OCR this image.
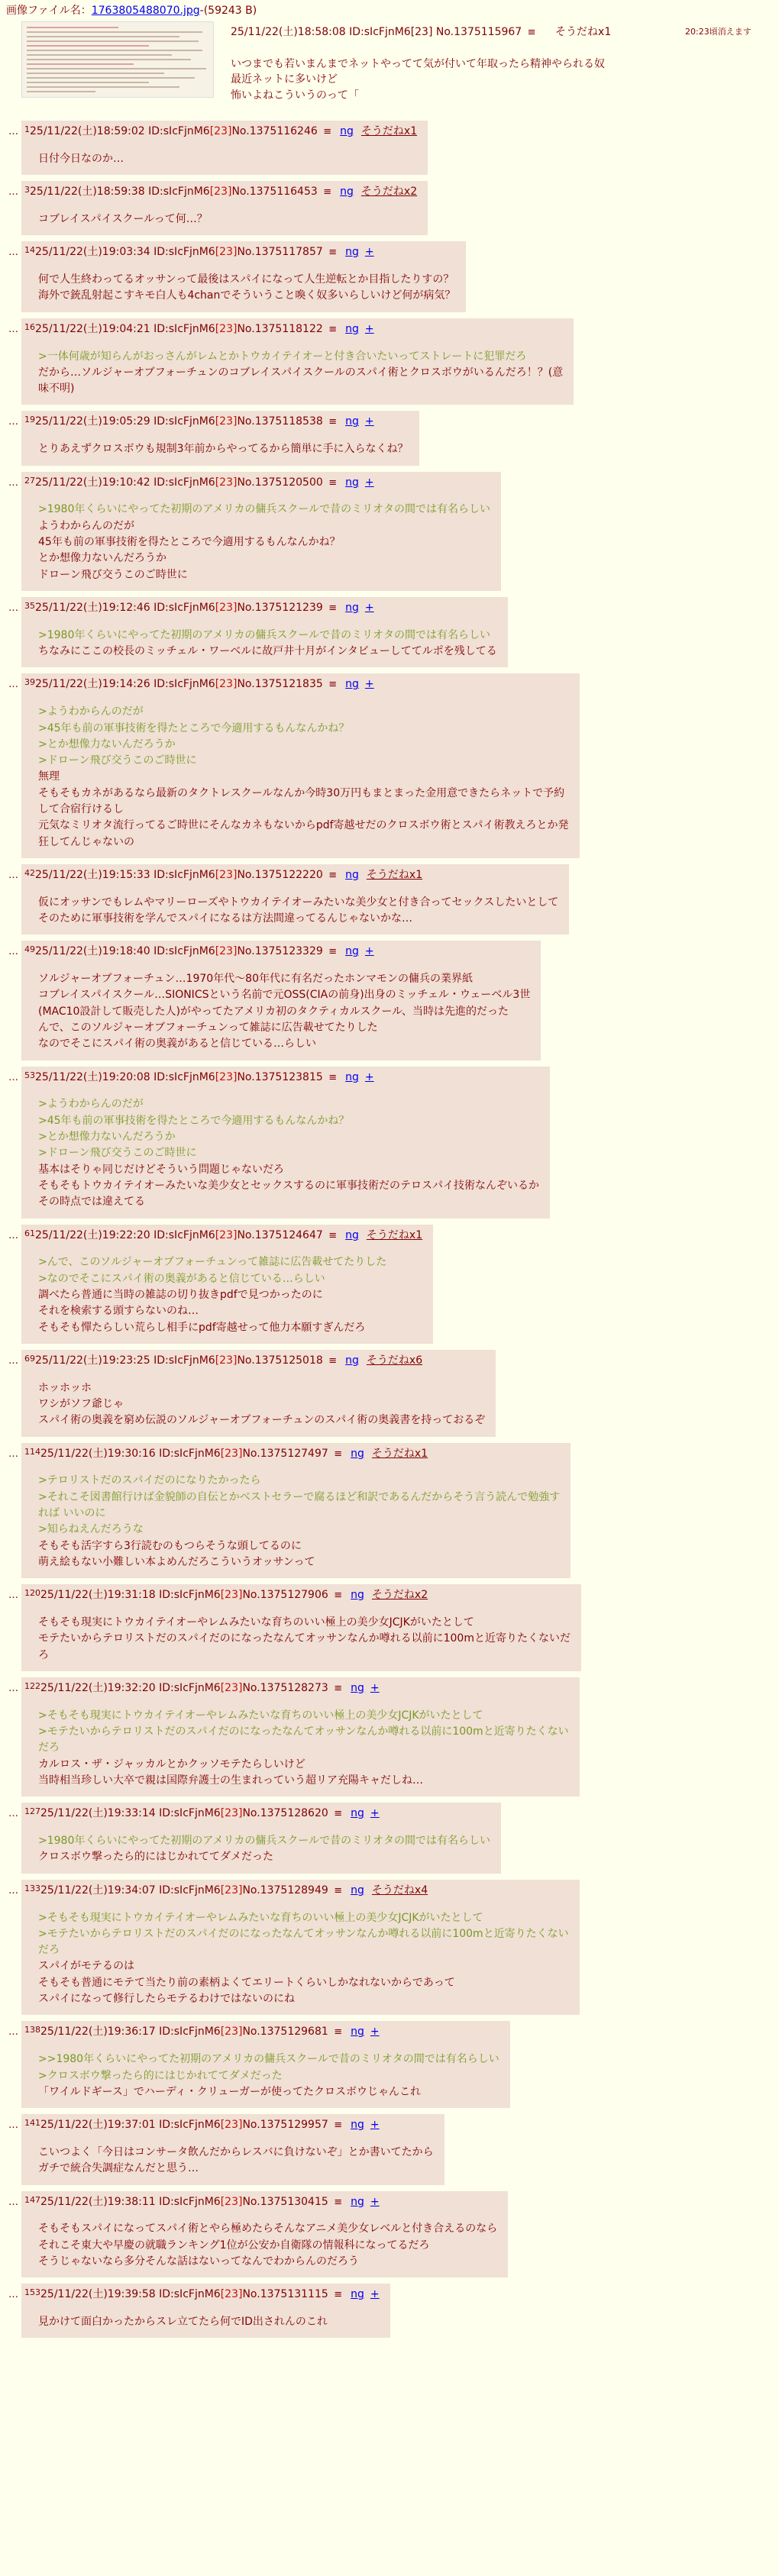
画像ファイル名：1763805488070.jpg-(59243 B)
25/11/22(土)18:58:08 ID:sIcFjnM6[23] No.1375115967 ≡ そうだねx1	20:23頃消えます
いつまでも若いまんまでネットやってて気が付いて年取ったら精神やられる奴
最近ネットに多いけど
怖いよねこういうのって「
… $^1$25/11/22(土)18:59:02 ID:sIcFjnM6[23]No.1375116246 ≡ ng そうだねx1
日付今日なのか…
… $^3$25/11/22(土)18:59:38 ID:sIcFjnM6[23]No.1375116453 ≡ ng そうだねx2
コブレイスパイスクールって何…？
… $^{14}$25/11/22(土)19:03:34 ID:sIcFjnM6[23]No.1375117857 ≡ ng +
何で人生終わってるオッサンって最後はスパイになって人生逆転とか目指したりすの？
海外で銃乱射起こすキモ白人も4chanでそういうこと喚く奴多いらしいけど何が病気？
… $^{16}$25/11/22(土)19:04:21 ID:sIcFjnM6[23]No.1375118122 ≡ ng +
>一体何歳が知らんがおっさんがレムとかトウカイテイオーと付き合いたいってストレートに犯罪だろ
だから…ソルジャーオブフォーチュンのコブレイスパイスクールのスパイ術とクロスボウがいるんだろ！？(意
味不明)
… $^{19}$25/11/22(土)19:05:29 ID:sIcFjnM6[23]No.1375118538 ≡ ng +
とりあえずクロスボウも規制3年前からやってるから簡単に手に入らなくね？
… $^{27}$25/11/22(土)19:10:42 ID:sIcFjnM6[23]No.1375120500 ≡ ng +
>1980年くらいにやってた初期のアメリカの傭兵スクールで昔のミリオタの間では有名らしい
ようわからんのだが
45年も前の軍事技術を得たところで今適用するもんなんかね？
とか想像力ないんだろうか
ドローン飛び交うこのご時世に
… $^{35}$25/11/22(土)19:12:46 ID:sIcFjnM6[23]No.1375121239 ≡ ng +
>1980年くらいにやってた初期のアメリカの傭兵スクールで昔のミリオタの間では有名らしい
ちなみにここの校長のミッチェル・ワーベルに故戸井十月がインタビューしててルポを残してる
… $^{39}$25/11/22(土)19:14:26 ID:sIcFjnM6[23]No.1375121835 ≡ ng +
>ようわからんのだが
>45年も前の軍事技術を得たところで今適用するもんなんかね？
>とか想像力ないんだろうか
>ドローン飛び交うこのご時世に
無理
そもそもカネがあるなら最新のタクトレスクールなんか今時30万円もまとまった金用意できたらネットで予約
して合宿行けるし
元気なミリオタ流行ってるご時世にそんなカネもないからpdf寄越せだのクロスボウ術とスパイ術教えろとか発
狂してんじゃないの
… $^{42}$25/11/22(土)19:15:33 ID:sIcFjnM6[23]No.1375122220 ≡ ng そうだねx1
仮にオッサンでもレムやマリーローズやトウカイテイオーみたいな美少女と付き合ってセックスしたいとして
そのために軍事技術を学んでスパイになるは方法間違ってるんじゃないかな…
… $^{49}$25/11/22(土)19:18:40 ID:sIcFjnM6[23]No.1375123329 ≡ ng +
ソルジャーオブフォーチュン…1970年代〜80年代に有名だったホンマモンの傭兵の業界紙
コブレイスパイスクール…SIONICSという名前で元OSS(CIAの前身)出身のミッチェル・ウェーベル3世
(MAC10設計して販売した人)がやってたアメリカ初のタクティカルスクール、当時は先進的だった
んで、このソルジャーオブフォーチュンって雑誌に広告載せてたりした
なのでそこにスパイ術の奥義があると信じている…らしい
… $^{53}$25/11/22(土)19:20:08 ID:sIcFjnM6[23]No.1375123815 ≡ ng +
>ようわからんのだが
>45年も前の軍事技術を得たところで今適用するもんなんかね？
>とか想像力ないんだろうか
>ドローン飛び交うこのご時世に
基本はそりゃ同じだけどそういう問題じゃないだろ
そもそもトウカイテイオーみたいな美少女とセックスするのに軍事技術だのテロスパイ技術なんぞいるか
その時点では違えてる
… $^{61}$25/11/22(土)19:22:20 ID:sIcFjnM6[23]No.1375124647 ≡ ng そうだねx1
>んで、このソルジャーオブフォーチュンって雑誌に広告載せてたりした
>なのでそこにスパイ術の奥義があると信じている…らしい
調べたら普通に当時の雑誌の切り抜きpdfで見つかったのに
それを検索する頭すらないのね…
そもそも憚たらしい荒らし相手にpdf寄越せって他力本願すぎんだろ
… $^{69}$25/11/22(土)19:23:25 ID:sIcFjnM6[23]No.1375125018 ≡ ng そうだねx6
ホッホッホ
ワシがソフ爺じゃ
スパイ術の奥義を窮め伝説のソルジャーオブフォーチュンのスパイ術の奥義書を持っておるぞ
… $^{114}$25/11/22(土)19:30:16 ID:sIcFjnM6[23]No.1375127497 ≡ ng そうだねx1
>テロリストだのスパイだのになりたかったら
>それこそ図書館行けば金貌師の自伝とかベストセラーで腐るほど和訳であるんだからそう言う読んで勉強す
れば いいのに
>知らねえんだろうな
そもそも活字すら3行読むのもつらそうな頭してるのに
萌え絵もない小難しい本よめんだろこういうオッサンって
… $^{120}$25/11/22(土)19:31:18 ID:sIcFjnM6[23]No.1375127906 ≡ ng そうだねx2
そもそも現実にトウカイテイオーやレムみたいな育ちのいい極上の美少女JCJKがいたとして
モテたいからテロリストだのスパイだのになったなんてオッサンなんか噂れる以前に100mと近寄りたくないだ
ろ
… $^{122}$25/11/22(土)19:32:20 ID:sIcFjnM6[23]No.1375128273 ≡ ng +
>そもそも現実にトウカイテイオーやレムみたいな育ちのいい極上の美少女JCJKがいたとして
>モテたいからテロリストだのスパイだのになったなんてオッサンなんか噂れる以前に100mと近寄りたくない
だろ
カルロス・ザ・ジャッカルとかクッソモテたらしいけど
当時相当珍しい大卒で親は国際弁護士の生まれっていう超リア充陽キャだしね…
… $^{127}$25/11/22(土)19:33:14 ID:sIcFjnM6[23]No.1375128620 ≡ ng +
>1980年くらいにやってた初期のアメリカの傭兵スクールで昔のミリオタの間では有名らしい
クロスボウ撃ったら的にはじかれててダメだった
… $^{133}$25/11/22(土)19:34:07 ID:sIcFjnM6[23]No.1375128949 ≡ ng そうだねx4
>そもそも現実にトウカイテイオーやレムみたいな育ちのいい極上の美少女JCJKがいたとして
>モテたいからテロリストだのスパイだのになったなんてオッサンなんか噂れる以前に100mと近寄りたくない
だろ
スパイがモテるのは
そもそも普通にモテて当たり前の素柄よくてエリートくらいしかなれないからであって
スパイになって修行したらモテるわけではないのにね
… $^{138}$25/11/22(土)19:36:17 ID:sIcFjnM6[23]No.1375129681 ≡ ng +
>>1980年くらいにやってた初期のアメリカの傭兵スクールで昔のミリオタの間では有名らしい
>クロスボウ撃ったら的にはじかれててダメだった
「ワイルドギース」でハーディ・クリューガーが使ってたクロスボウじゃんこれ
… $^{141}$25/11/22(土)19:37:01 ID:sIcFjnM6[23]No.1375129957 ≡ ng +
こいつよく「今日はコンサータ飲んだからレスバに負けないぞ」とか書いてたから
ガチで統合失調症なんだと思う…
… $^{147}$25/11/22(土)19:38:11 ID:sIcFjnM6[23]No.1375130415 ≡ ng +
そもそもスパイになってスパイ術とやら極めたらそんなアニメ美少女レベルと付き合えるのなら
それこそ東大や早慶の就職ランキング1位が公安か自衛隊の情報科になってるだろ
そうじゃないなら多分そんな話はないってなんでわからんのだろう
… $^{153}$25/11/22(土)19:39:58 ID:sIcFjnM6[23]No.1375131115 ≡ ng +
見かけて面白かったからスレ立てたら何でID出されんのこれ
